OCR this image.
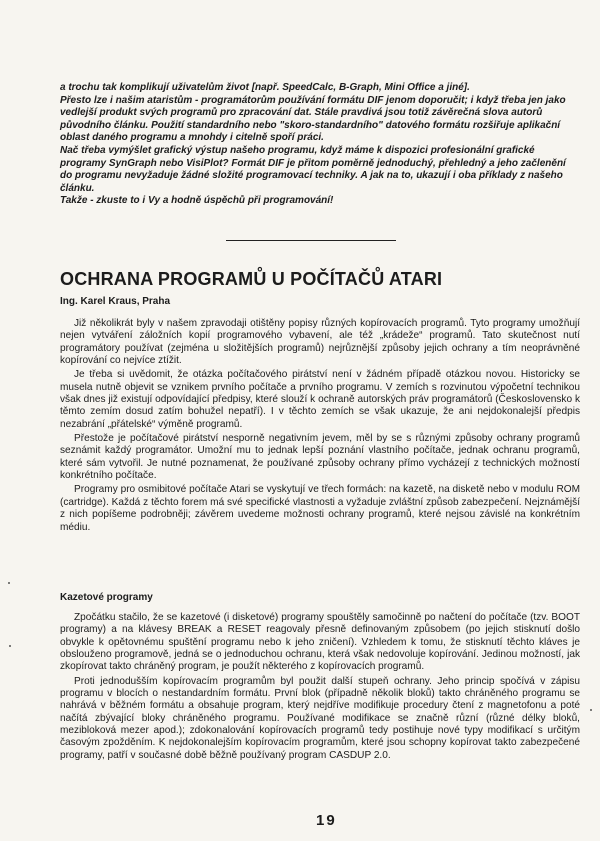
a trochu tak komplikují uživatelům život [např. SpeedCalc, B-Graph, Mini Office a jiné].

Přesto lze i našim ataristům - programátorům používání formátu DIF jenom doporučit; i když třeba jen jako vedlejší produkt svých programů pro zpracování dat. Stále pravdivá jsou totiž závěrečná slova autorů původního článku. Použití standardního nebo "skoro-standardního" datového formátu rozšiřuje aplikační oblast daného programu a mnohdy i citelně spoří práci.

Nač třeba vymýšlet grafický výstup našeho programu, když máme k dispozici profesionální grafické programy SynGraph nebo VisiPlot? Formát DIF je přitom poměrně jednoduchý, přehledný a jeho začlenění do programu nevyžaduje žádné složité programovací techniky. A jak na to, ukazují i oba příklady z našeho článku.

Takže - zkuste to i Vy a hodně úspěchů při programování!

OCHRANA PROGRAMŮ U POČÍTAČŮ ATARI
Ing. Karel Kraus, Praha

Již několikrát byly v našem zpravodaji otištěny popisy různých kopírovacích programů. Tyto programy umožňují nejen vytváření záložních kopií programového vybavení, ale též „krádeže“ programů. Tato skutečnost nutí programátory používat (zejména u složitějších programů) nejrůznější způsoby jejich ochrany a tím neoprávněné kopírování co nejvíce ztížit.

Je třeba si uvědomit, že otázka počítačového pirátství není v žádném případě otázkou novou. Historicky se musela nutně objevit se vznikem prvního počítače a prvního programu. V zemích s rozvinutou výpočetní technikou však dnes již existují odpovídající předpisy, které slouží k ochraně autorských práv programátorů (Československo k těmto zemím dosud zatím bohužel nepatří). I v těchto zemích se však ukazuje, že ani nejdokonalejší předpis nezabrání „přátelské“ výměně programů.

Přestože je počítačové pirátství nesporně negativním jevem, měl by se s různými způsoby ochrany programů seznámit každý programátor. Umožní mu to jednak lepší poznání vlastního počítače, jednak ochranu programů, které sám vytvořil. Je nutné poznamenat, že používané způsoby ochrany přímo vycházejí z technických možností konkrétního počítače.

Programy pro osmibitové počítače Atari se vyskytují ve třech formách: na kazetě, na disketě nebo v modulu ROM (cartridge). Každá z těchto forem má své specifické vlastnosti a vyžaduje zvláštní způsob zabezpečení. Nejznámější z nich popíšeme podrobněji; závěrem uvedeme možnosti ochrany programů, které nejsou závislé na konkrétním médiu.

Kazetové programy

Zpočátku stačilo, že se kazetové (i disketové) programy spouštěly samočinně po načtení do počítače (tzv. BOOT programy) a na klávesy BREAK a RESET reagovaly přesně definovaným způsobem (po jejich stisknutí došlo obvykle k opětovnému spuštění programu nebo k jeho zničení). Vzhledem k tomu, že stisknutí těchto kláves je obslouženo programově, jedná se o jednoduchou ochranu, která však nedovoluje kopírování. Jedinou možností, jak zkopírovat takto chráněný program, je použít některého z kopírovacích programů.

Proti jednodušším kopírovacím programům byl použit další stupeň ochrany. Jeho princip spočívá v zápisu programu v blocích o nestandardním formátu. První blok (případně několik bloků) takto chráněného programu se nahrává v běžném formátu a obsahuje program, který nejdříve modifikuje procedury čtení z magnetofonu a poté načítá zbývající bloky chráněného programu. Používané modifikace se značně různí (různé délky bloků, mezibloková mezer apod.); zdokonalování kopírovacích programů tedy postihuje nové typy modifikací s určitým časovým zpožděním. K nejdokonalejším kopírovacím programům, které jsou schopny kopírovat takto zabezpečené programy, patří v současné době běžně používaný program CASDUP 2.0.

19
